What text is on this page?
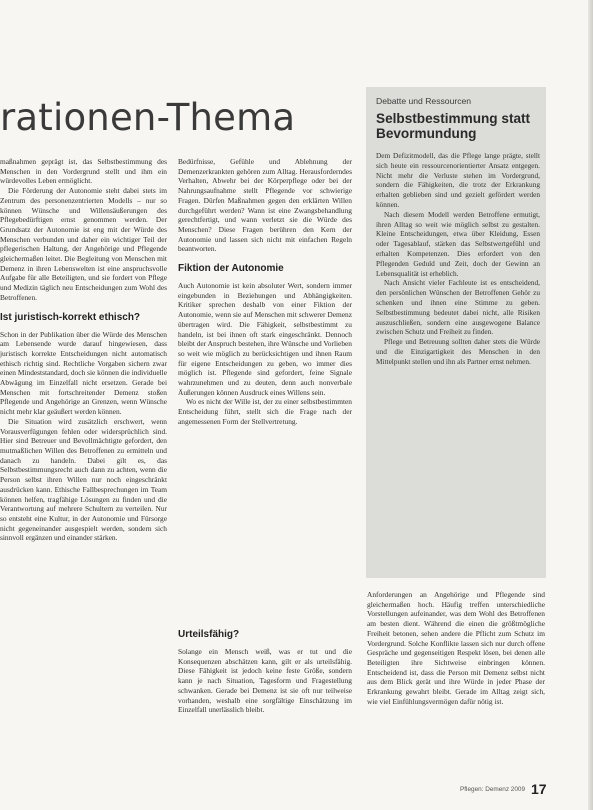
rationen-Thema

maßnahmen geprägt ist, das Selbstbestimmung des Menschen in den Vordergrund stellt und ihm ein würdevolles Leben ermöglicht.

Die Förderung der Autonomie steht dabei stets im Zentrum des personenzentrierten Modells – nur so können Wünsche und Willensäußerungen des Pflegebedürftigen ernst genommen werden. Der Grundsatz der Autonomie ist eng mit der Würde des Menschen verbunden und daher ein wichtiger Teil der pflegerischen Haltung, der Angehörige und Pflegende gleichermaßen leitet. Die Begleitung von Menschen mit Demenz in ihren Lebenswelten ist eine anspruchsvolle Aufgabe für alle Beteiligten, und sie fordert von Pflege und Medizin täglich neu Entscheidungen zum Wohl des Betroffenen.

Ist juristisch-korrekt ethisch?

Schon in der Publikation über die Würde des Menschen am Lebensende wurde darauf hingewiesen, dass juristisch korrekte Entscheidungen nicht automatisch ethisch richtig sind. Rechtliche Vorgaben sichern zwar einen Mindeststandard, doch sie können die individuelle Abwägung im Einzelfall nicht ersetzen. Gerade bei Menschen mit fortschreitender Demenz stoßen Pflegende und Angehörige an Grenzen, wenn Wünsche nicht mehr klar geäußert werden können.

Die Situation wird zusätzlich erschwert, wenn Vorausverfügungen fehlen oder widersprüchlich sind. Hier sind Betreuer und Bevollmächtigte gefordert, den mutmaßlichen Willen des Betroffenen zu ermitteln und danach zu handeln. Dabei gilt es, das Selbstbestimmungsrecht auch dann zu achten, wenn die Person selbst ihren Willen nur noch eingeschränkt ausdrücken kann. Ethische Fallbesprechungen im Team können helfen, tragfähige Lösungen zu finden und die Verantwortung auf mehrere Schultern zu verteilen. Nur so entsteht eine Kultur, in der Autonomie und Fürsorge nicht gegeneinander ausgespielt werden, sondern sich sinnvoll ergänzen und einander stärken.

Bedürfnisse, Gefühle und Ablehnung der Demenzerkrankten gehören zum Alltag. Herausforderndes Verhalten, Abwehr bei der Körperpflege oder bei der Nahrungsaufnahme stellt Pflegende vor schwierige Fragen. Dürfen Maßnahmen gegen den erklärten Willen durchgeführt werden? Wann ist eine Zwangsbehandlung gerechtfertigt, und wann verletzt sie die Würde des Menschen? Diese Fragen berühren den Kern der Autonomie und lassen sich nicht mit einfachen Regeln beantworten.

Fiktion der Autonomie

Auch Autonomie ist kein absoluter Wert, sondern immer eingebunden in Beziehungen und Abhängigkeiten. Kritiker sprechen deshalb von einer Fiktion der Autonomie, wenn sie auf Menschen mit schwerer Demenz übertragen wird. Die Fähigkeit, selbstbestimmt zu handeln, ist bei ihnen oft stark eingeschränkt. Dennoch bleibt der Anspruch bestehen, ihre Wünsche und Vorlieben so weit wie möglich zu berücksichtigen und ihnen Raum für eigene Entscheidungen zu geben, wo immer dies möglich ist. Pflegende sind gefordert, feine Signale wahrzunehmen und zu deuten, denn auch nonverbale Äußerungen können Ausdruck eines Willens sein.

Wo es nicht der Wille ist, der zu einer selbstbestimmten Entscheidung führt, stellt sich die Frage nach der angemessenen Form der Stellvertretung.

Urteilsfähig?

Solange ein Mensch weiß, was er tut und die Konsequenzen abschätzen kann, gilt er als urteilsfähig. Diese Fähigkeit ist jedoch keine feste Größe, sondern kann je nach Situation, Tagesform und Fragestellung schwanken. Gerade bei Demenz ist sie oft nur teilweise vorhanden, weshalb eine sorgfältige Einschätzung im Einzelfall unerlässlich bleibt.

Debatte und Ressourcen
Selbstbestimmung statt Bevormundung

Dem Defizitmodell, das die Pflege lange prägte, stellt sich heute ein ressourcenorientierter Ansatz entgegen. Nicht mehr die Verluste stehen im Vordergrund, sondern die Fähigkeiten, die trotz der Erkrankung erhalten geblieben sind und gezielt gefördert werden können.

Nach diesem Modell werden Betroffene ermutigt, ihren Alltag so weit wie möglich selbst zu gestalten. Kleine Entscheidungen, etwa über Kleidung, Essen oder Tagesablauf, stärken das Selbstwertgefühl und erhalten Kompetenzen. Dies erfordert von den Pflegenden Geduld und Zeit, doch der Gewinn an Lebensqualität ist erheblich.

Nach Ansicht vieler Fachleute ist es entscheidend, den persönlichen Wünschen der Betroffenen Gehör zu schenken und ihnen eine Stimme zu geben. Selbstbestimmung bedeutet dabei nicht, alle Risiken auszuschließen, sondern eine ausgewogene Balance zwischen Schutz und Freiheit zu finden.

Pflege und Betreuung sollten daher stets die Würde und die Einzigartigkeit des Menschen in den Mittelpunkt stellen und ihn als Partner ernst nehmen.

Anforderungen an Angehörige und Pflegende sind gleichermaßen hoch. Häufig treffen unterschiedliche Vorstellungen aufeinander, was dem Wohl des Betroffenen am besten dient. Während die einen die größtmögliche Freiheit betonen, sehen andere die Pflicht zum Schutz im Vordergrund. Solche Konflikte lassen sich nur durch offene Gespräche und gegenseitigen Respekt lösen, bei denen alle Beteiligten ihre Sichtweise einbringen können. Entscheidend ist, dass die Person mit Demenz selbst nicht aus dem Blick gerät und ihre Würde in jeder Phase der Erkrankung gewahrt bleibt. Gerade im Alltag zeigt sich, wie viel Einfühlungsvermögen dafür nötig ist.

Pflegen: Demenz 2009 17
